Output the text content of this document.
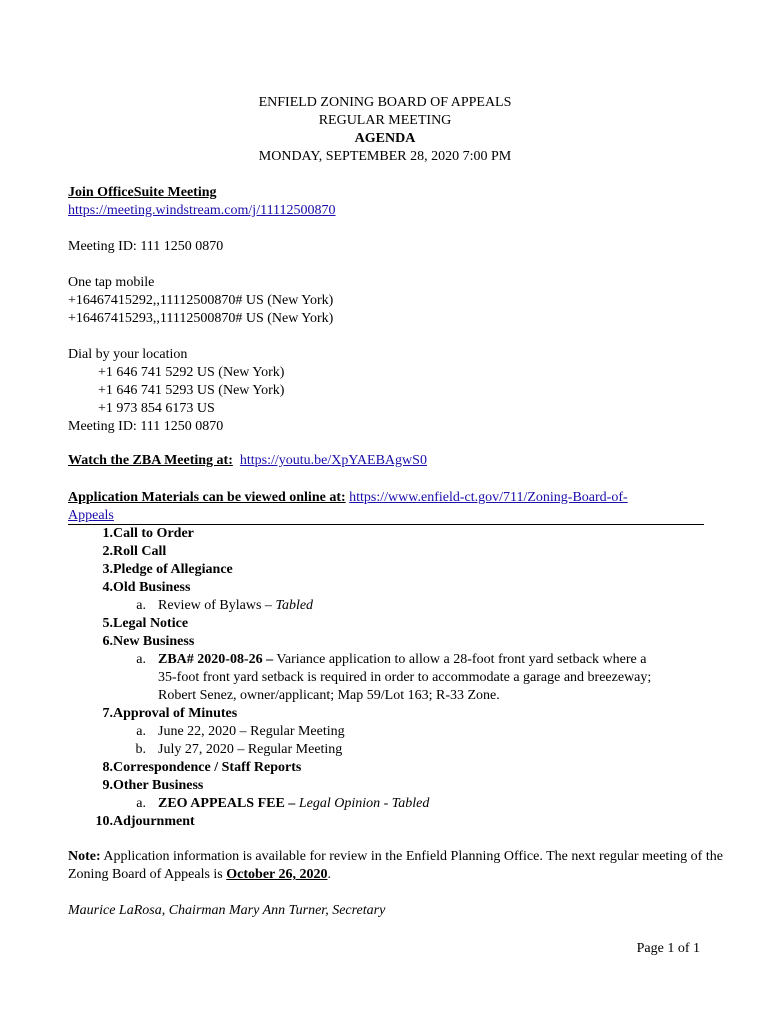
ENFIELD ZONING BOARD OF APPEALS
REGULAR MEETING
AGENDA
MONDAY, SEPTEMBER 28, 2020 7:00 PM
Join OfficeSuite Meeting
https://meeting.windstream.com/j/11112500870
Meeting ID: 111 1250 0870
One tap mobile
+16467415292,,11112500870# US (New York)
+16467415293,,11112500870# US (New York)
Dial by your location
+1 646 741 5292 US (New York)
+1 646 741 5293 US (New York)
+1 973 854 6173 US
Meeting ID: 111 1250 0870
Watch the ZBA Meeting at: https://youtu.be/XpYAEBAgwS0
Application Materials can be viewed online at: https://www.enfield-ct.gov/711/Zoning-Board-of-
Appeals
1. Call to Order
2. Roll Call
3. Pledge of Allegiance
4. Old Business
a. Review of Bylaws – Tabled
5. Legal Notice
6. New Business
a. ZBA# 2020-08-26 – Variance application to allow a 28-foot front yard setback where a
35-foot front yard setback is required in order to accommodate a garage and breezeway;
Robert Senez, owner/applicant; Map 59/Lot 163; R-33 Zone.
7. Approval of Minutes
a. June 22, 2020 – Regular Meeting
b. July 27, 2020 – Regular Meeting
8. Correspondence / Staff Reports
9. Other Business
a. ZEO APPEALS FEE – Legal Opinion - Tabled
10. Adjournment
Note: Application information is available for review in the Enfield Planning Office. The next regular meeting of the Zoning Board of Appeals is October 26, 2020.
Maurice LaRosa, Chairman Mary Ann Turner, Secretary
Page 1 of 1
